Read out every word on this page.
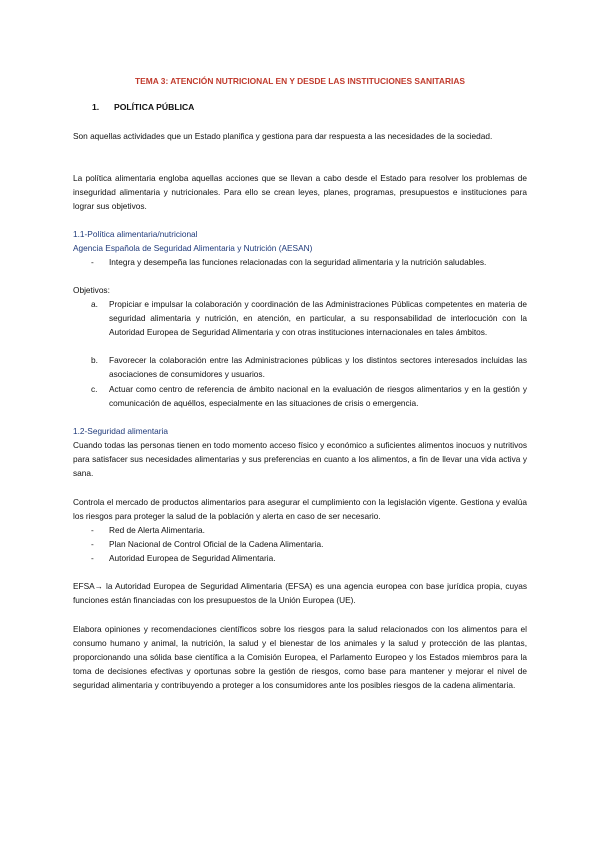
TEMA 3: ATENCIÓN NUTRICIONAL EN Y DESDE LAS INSTITUCIONES SANITARIAS
1. POLÍTICA PÚBLICA
Son aquellas actividades que un Estado planifica y gestiona para dar respuesta a las necesidades de la sociedad.
La política alimentaria engloba aquellas acciones que se llevan a cabo desde el Estado para resolver los problemas de inseguridad alimentaria y nutricionales. Para ello se crean leyes, planes, programas, presupuestos e instituciones para lograr sus objetivos.
1.1-Política alimentaria/nutricional
Agencia Española de Seguridad Alimentaria y Nutrición (AESAN)
- Integra y desempeña las funciones relacionadas con la seguridad alimentaria y la nutrición saludables.
Objetivos:
a.	Propiciar e impulsar la colaboración y coordinación de las Administraciones Públicas competentes en materia de seguridad alimentaria y nutrición, en atención, en particular, a su responsabilidad de interlocución con la Autoridad Europea de Seguridad Alimentaria y con otras instituciones internacionales en tales ámbitos.
b.	Favorecer la colaboración entre las Administraciones públicas y los distintos sectores interesados incluidas las asociaciones de consumidores y usuarios.
c.	Actuar como centro de referencia de ámbito nacional en la evaluación de riesgos alimentarios y en la gestión y comunicación de aquéllos, especialmente en las situaciones de crisis o emergencia.
1.2-Seguridad alimentaria
Cuando todas las personas tienen en todo momento acceso físico y económico a suficientes alimentos inocuos y nutritivos para satisfacer sus necesidades alimentarias y sus preferencias en cuanto a los alimentos, a fin de llevar una vida activa y sana.
Controla el mercado de productos alimentarios para asegurar el cumplimiento con la legislación vigente. Gestiona y evalúa los riesgos para proteger la salud de la población y alerta en caso de ser necesario.
- Red de Alerta Alimentaria.
- Plan Nacional de Control Oficial de la Cadena Alimentaria.
- Autoridad Europea de Seguridad Alimentaria.
EFSA→ la Autoridad Europea de Seguridad Alimentaria (EFSA) es una agencia europea con base jurídica propia, cuyas funciones están financiadas con los presupuestos de la Unión Europea (UE).
Elabora opiniones y recomendaciones científicos sobre los riesgos para la salud relacionados con los alimentos para el consumo humano y animal, la nutrición, la salud y el bienestar de los animales y la salud y protección de las plantas, proporcionando una sólida base científica a la Comisión Europea, el Parlamento Europeo y los Estados miembros para la toma de decisiones efectivas y oportunas sobre la gestión de riesgos, como base para mantener y mejorar el nivel de seguridad alimentaria y contribuyendo a proteger a los consumidores ante los posibles riesgos de la cadena alimentaria.
